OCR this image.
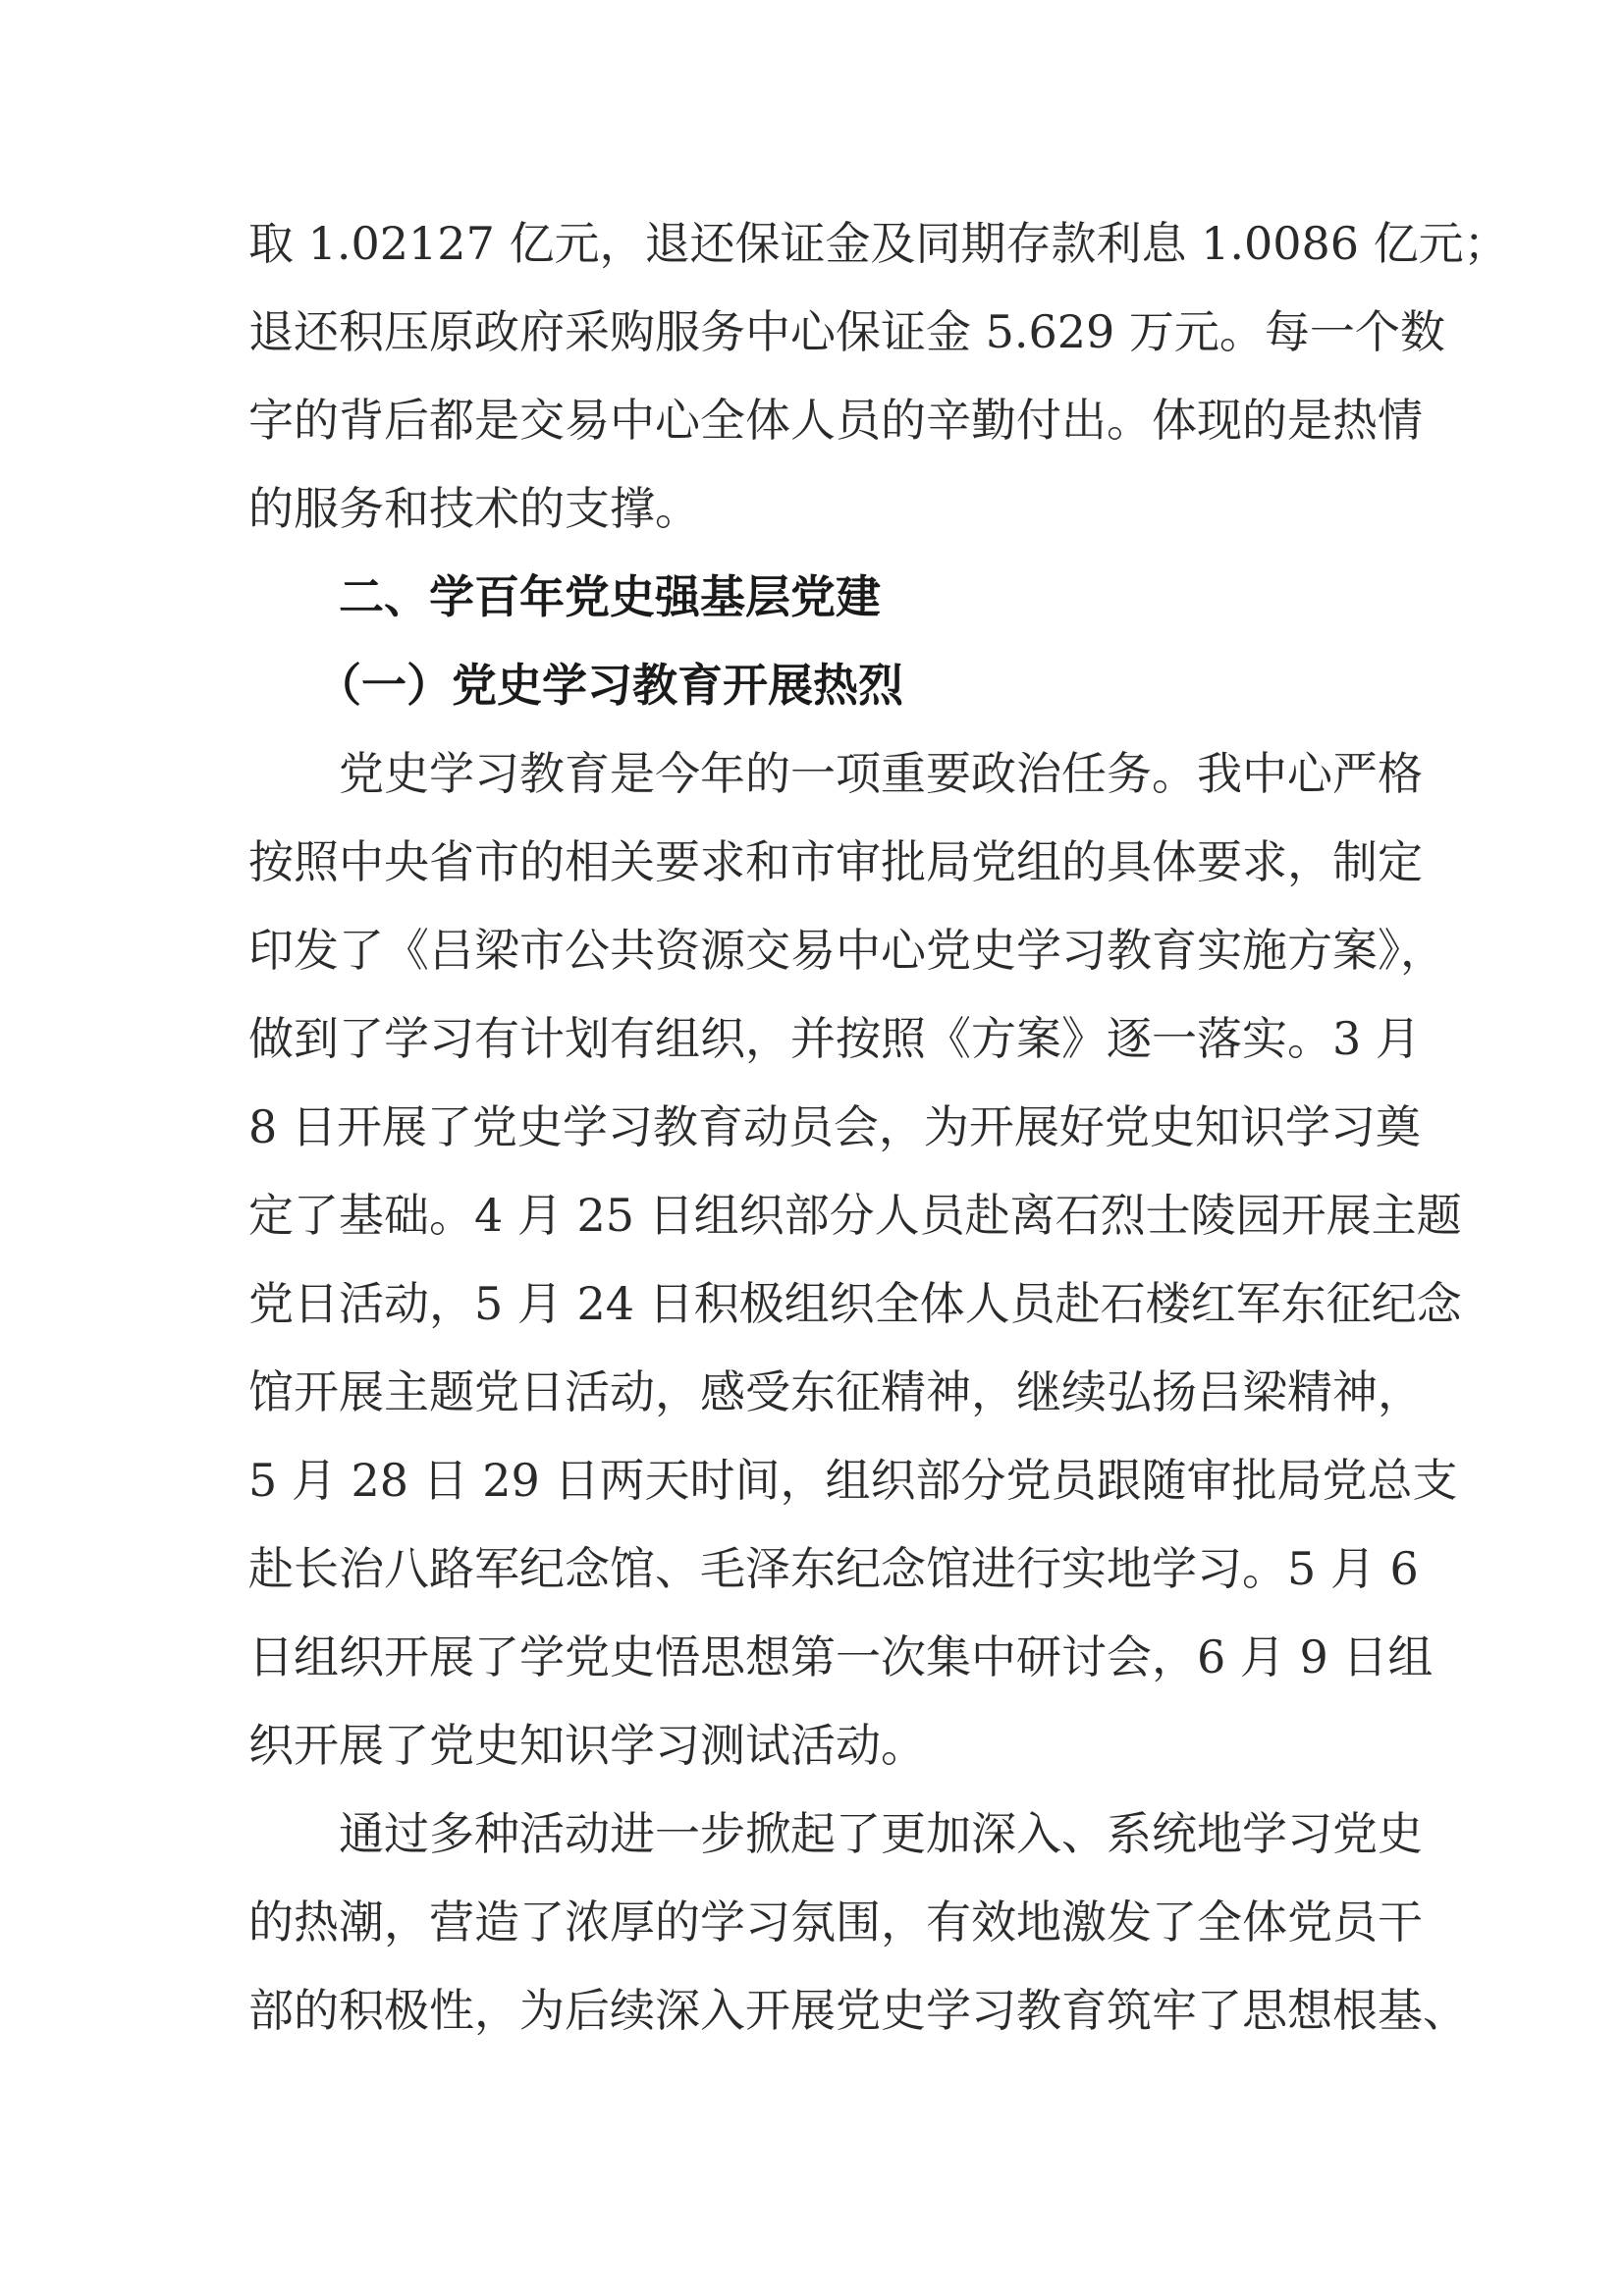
取 1.02127 亿元，退还保证金及同期存款利息 1.0086 亿元；
退还积压原政府采购服务中心保证金 5.629 万元。每一个数
字的背后都是交易中心全体人员的辛勤付出。体现的是热情
的服务和技术的支撑。
二、学百年党史强基层党建
（一）党史学习教育开展热烈
党史学习教育是今年的一项重要政治任务。我中心严格
按照中央省市的相关要求和市审批局党组的具体要求，制定
印发了《吕梁市公共资源交易中心党史学习教育实施方案》，
做到了学习有计划有组织，并按照《方案》逐一落实。3 月
8 日开展了党史学习教育动员会，为开展好党史知识学习奠
定了基础。4 月 25 日组织部分人员赴离石烈士陵园开展主题
党日活动，5 月 24 日积极组织全体人员赴石楼红军东征纪念
馆开展主题党日活动，感受东征精神，继续弘扬吕梁精神，
5 月 28 日 29 日两天时间，组织部分党员跟随审批局党总支
赴长治八路军纪念馆、毛泽东纪念馆进行实地学习。5 月 6
日组织开展了学党史悟思想第一次集中研讨会，6 月 9 日组
织开展了党史知识学习测试活动。
通过多种活动进一步掀起了更加深入、系统地学习党史
的热潮，营造了浓厚的学习氛围，有效地激发了全体党员干
部的积极性，为后续深入开展党史学习教育筑牢了思想根基、
